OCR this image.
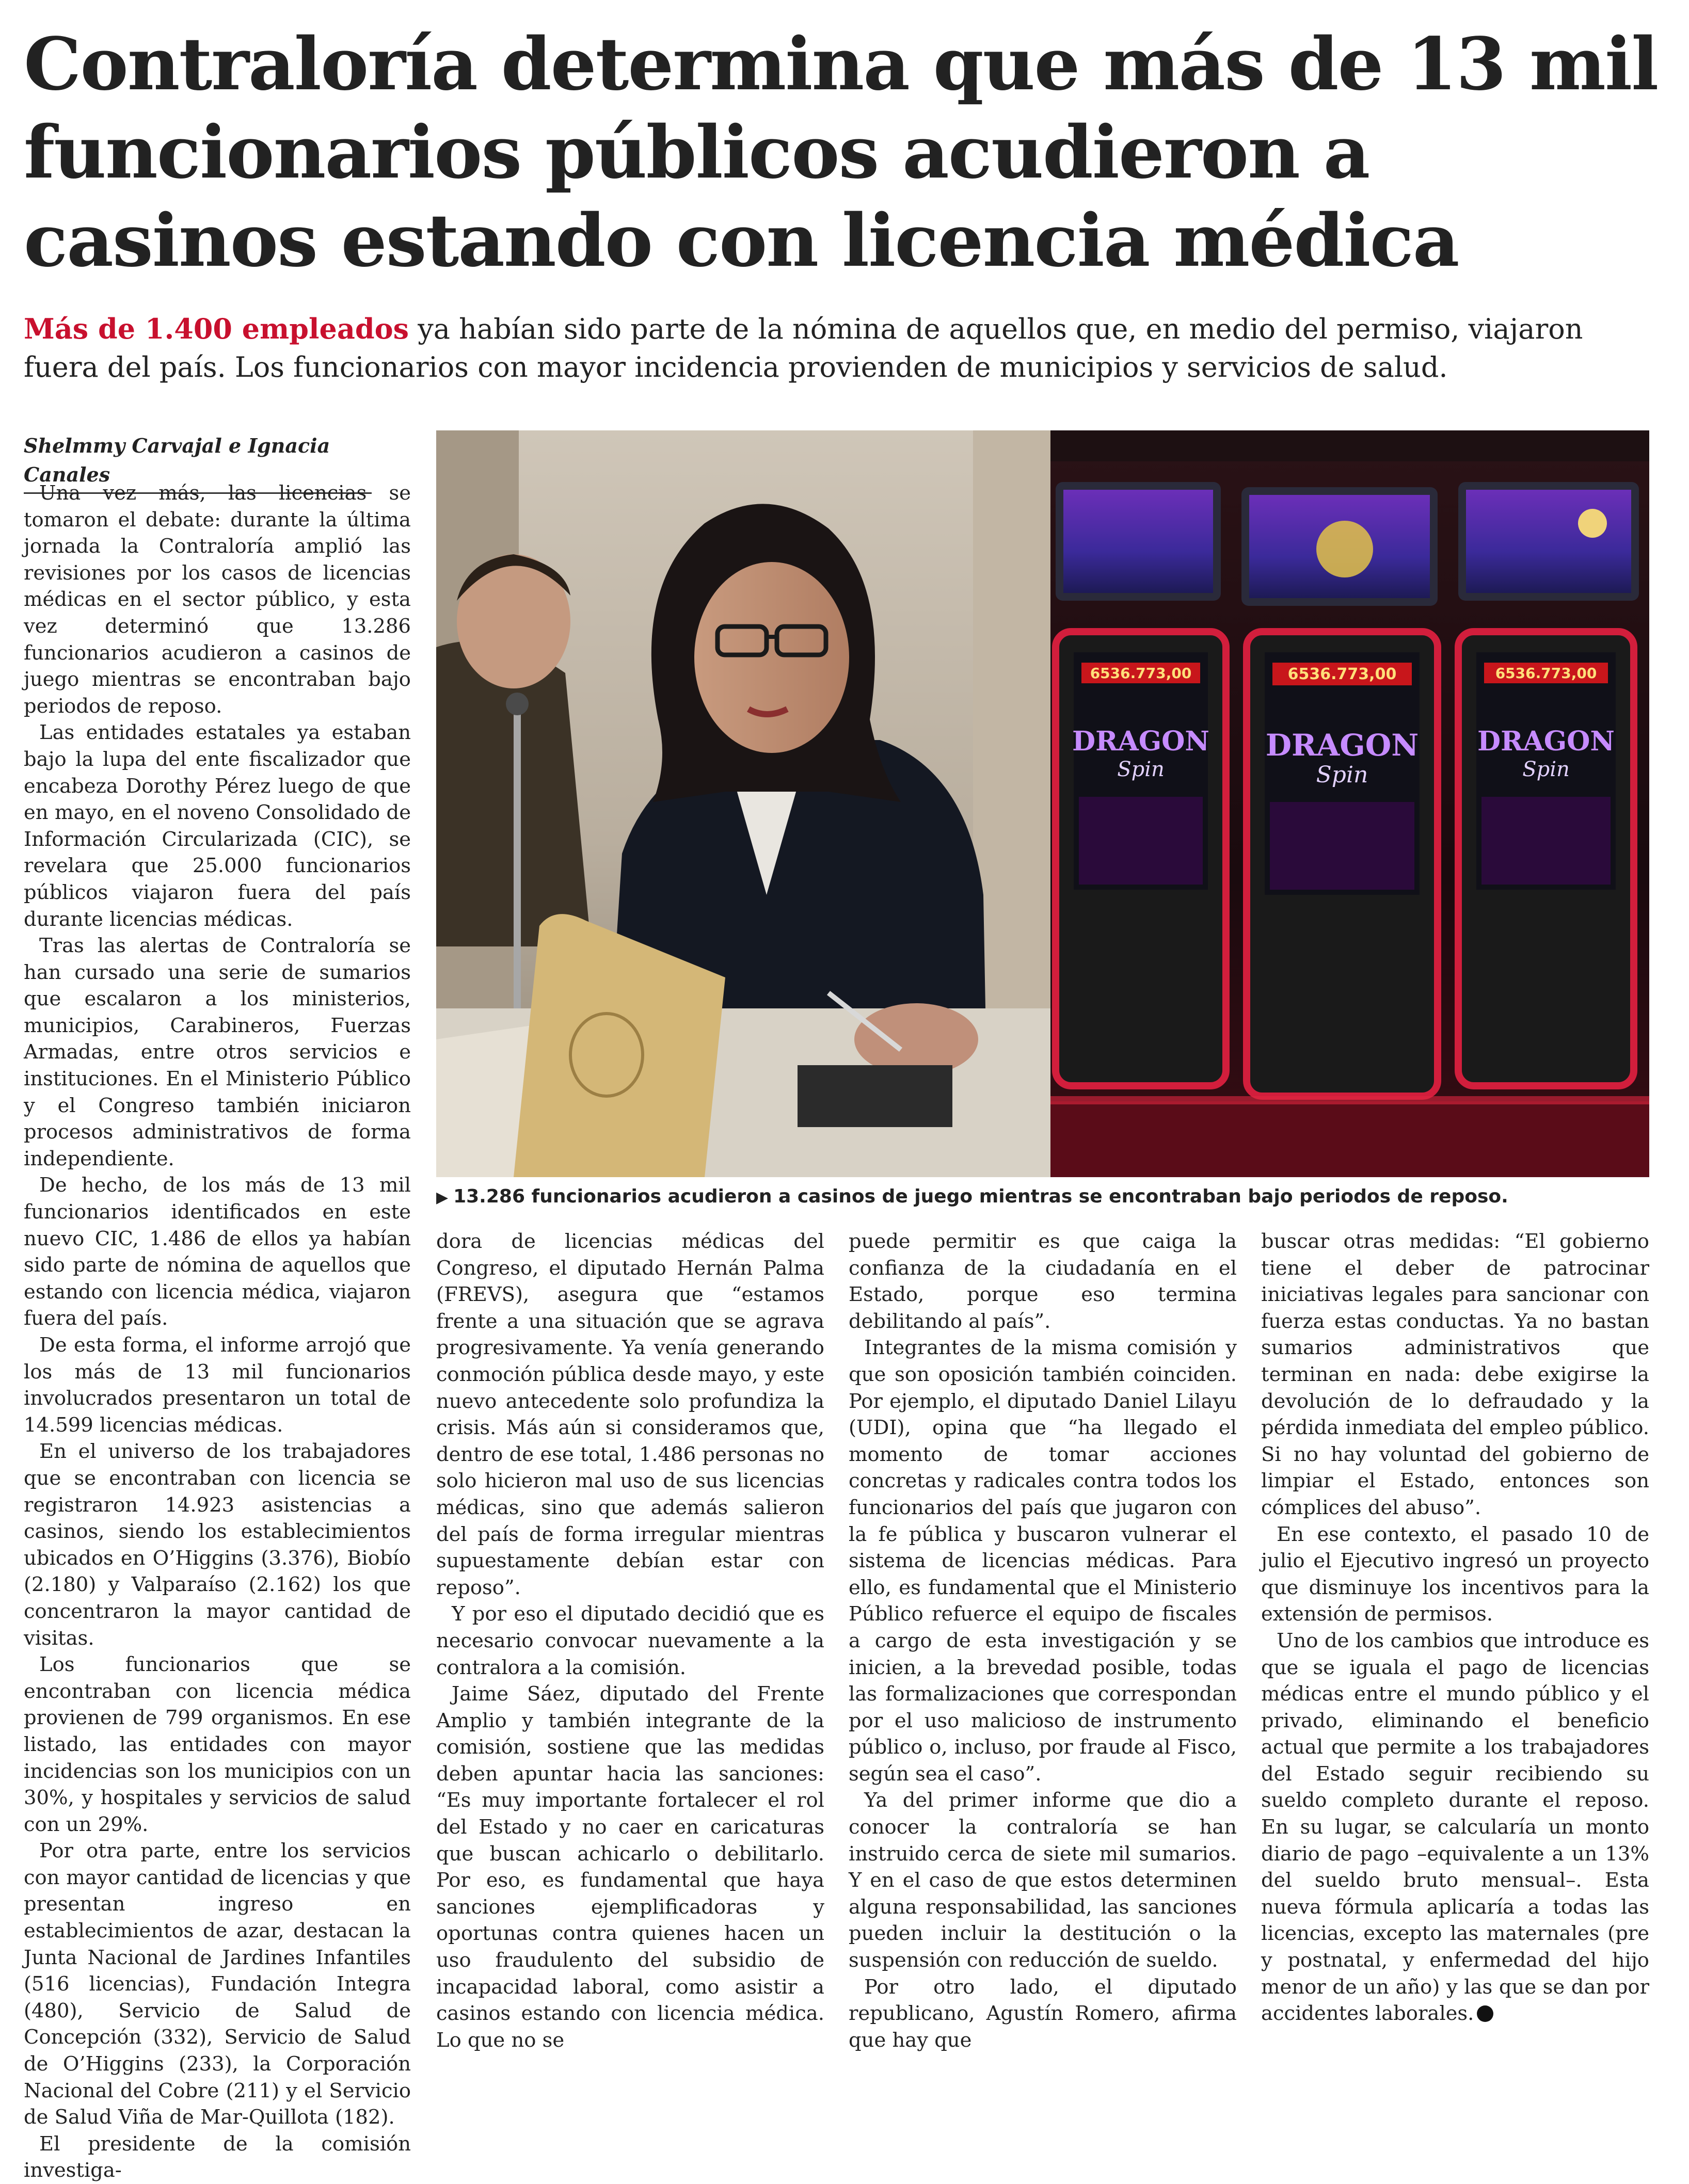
Contraloría determina que más de 13 mil funcionarios públicos acudieron a casinos estando con licencia médica

Más de 1.400 empleados ya habían sido parte de la nómina de aquellos que, en medio del permiso, viajaron fuera del país. Los funcionarios con mayor incidencia provienden de municipios y servicios de salud.

Shelmmy Carvajal e Ignacia Canales

Una vez más, las licencias se tomaron el debate: durante la última jornada la Contraloría amplió las revisiones por los casos de licencias médicas en el sector público, y esta vez determinó que 13.286 funcionarios acudieron a casinos de juego mientras se encontraban bajo periodos de reposo.

Las entidades estatales ya estaban bajo la lupa del ente fiscalizador que encabeza Dorothy Pérez luego de que en mayo, en el noveno Consolidado de Información Circularizada (CIC), se revelara que 25.000 funcionarios públicos viajaron fuera del país durante licencias médicas.

Tras las alertas de Contraloría se han cursado una serie de sumarios que escalaron a los ministerios, municipios, Carabineros, Fuerzas Armadas, entre otros servicios e instituciones. En el Ministerio Público y el Congreso también iniciaron procesos administrativos de forma independiente.

De hecho, de los más de 13 mil funcionarios identificados en este nuevo CIC, 1.486 de ellos ya habían sido parte de nómina de aquellos que estando con licencia médica, viajaron fuera del país.

De esta forma, el informe arrojó que los más de 13 mil funcionarios involucrados presentaron un total de 14.599 licencias médicas.

En el universo de los trabajadores que se encontraban con licencia se registraron 14.923 asistencias a casinos, siendo los establecimientos ubicados en O’Higgins (3.376), Biobío (2.180) y Valparaíso (2.162) los que concentraron la mayor cantidad de visitas.

Los funcionarios que se encontraban con licencia médica provienen de 799 organismos. En ese listado, las entidades con mayor incidencias son los municipios con un 30%, y hospitales y servicios de salud con un 29%.

Por otra parte, entre los servicios con mayor cantidad de licencias y que presentan ingreso en establecimientos de azar, destacan la Junta Nacional de Jardines Infantiles (516 licencias), Fundación Integra (480), Servicio de Salud de Concepción (332), Servicio de Salud de O’Higgins (233), la Corporación Nacional del Cobre (211) y el Servicio de Salud Viña de Mar-Quillota (182).

El presidente de la comisión investiga-

6536.773,00
DRAGON
Spin
6536.773,00
DRAGON
Spin
6536.773,00
DRAGON
Spin
▶ 13.286 funcionarios acudieron a casinos de juego mientras se encontraban bajo periodos de reposo.

dora de licencias médicas del Congreso, el diputado Hernán Palma (FREVS), asegura que “estamos frente a una situación que se agrava progresivamente. Ya venía generando conmoción pública desde mayo, y este nuevo antecedente solo profundiza la crisis. Más aún si consideramos que, dentro de ese total, 1.486 personas no solo hicieron mal uso de sus licencias médicas, sino que además salieron del país de forma irregular mientras supuestamente debían estar con reposo”.

Y por eso el diputado decidió que es necesario convocar nuevamente a la contralora a la comisión.

Jaime Sáez, diputado del Frente Amplio y también integrante de la comisión, sostiene que las medidas deben apuntar hacia las sanciones: “Es muy importante fortalecer el rol del Estado y no caer en caricaturas que buscan achicarlo o debilitarlo. Por eso, es fundamental que haya sanciones ejemplificadoras y oportunas contra quienes hacen un uso fraudulento del subsidio de incapacidad laboral, como asistir a casinos estando con licencia médica. Lo que no se

puede permitir es que caiga la confianza de la ciudadanía en el Estado, porque eso termina debilitando al país”.

Integrantes de la misma comisión y que son oposición también coinciden. Por ejemplo, el diputado Daniel Lilayu (UDI), opina que “ha llegado el momento de tomar acciones concretas y radicales contra todos los funcionarios del país que jugaron con la fe pública y buscaron vulnerar el sistema de licencias médicas. Para ello, es fundamental que el Ministerio Público refuerce el equipo de fiscales a cargo de esta investigación y se inicien, a la brevedad posible, todas las formalizaciones que correspondan por el uso malicioso de instrumento público o, incluso, por fraude al Fisco, según sea el caso”.

Ya del primer informe que dio a conocer la contraloría se han instruido cerca de siete mil sumarios. Y en el caso de que estos determinen alguna responsabilidad, las sanciones pueden incluir la destitución o la suspensión con reducción de sueldo.

Por otro lado, el diputado republicano, Agustín Romero, afirma que hay que

buscar otras medidas: “El gobierno tiene el deber de patrocinar iniciativas legales para sancionar con fuerza estas conductas. Ya no bastan sumarios administrativos que terminan en nada: debe exigirse la devolución de lo defraudado y la pérdida inmediata del empleo público. Si no hay voluntad del gobierno de limpiar el Estado, entonces son cómplices del abuso”.

En ese contexto, el pasado 10 de julio el Ejecutivo ingresó un proyecto que disminuye los incentivos para la extensión de permisos.

Uno de los cambios que introduce es que se iguala el pago de licencias médicas entre el mundo público y el privado, eliminando el beneficio actual que permite a los trabajadores del Estado seguir recibiendo su sueldo completo durante el reposo. En su lugar, se calcularía un monto diario de pago –equivalente a un 13% del sueldo bruto mensual–. Esta nueva fórmula aplicaría a todas las licencias, excepto las maternales (pre y postnatal, y enfermedad del hijo menor de un año) y las que se dan por accidentes laborales.
